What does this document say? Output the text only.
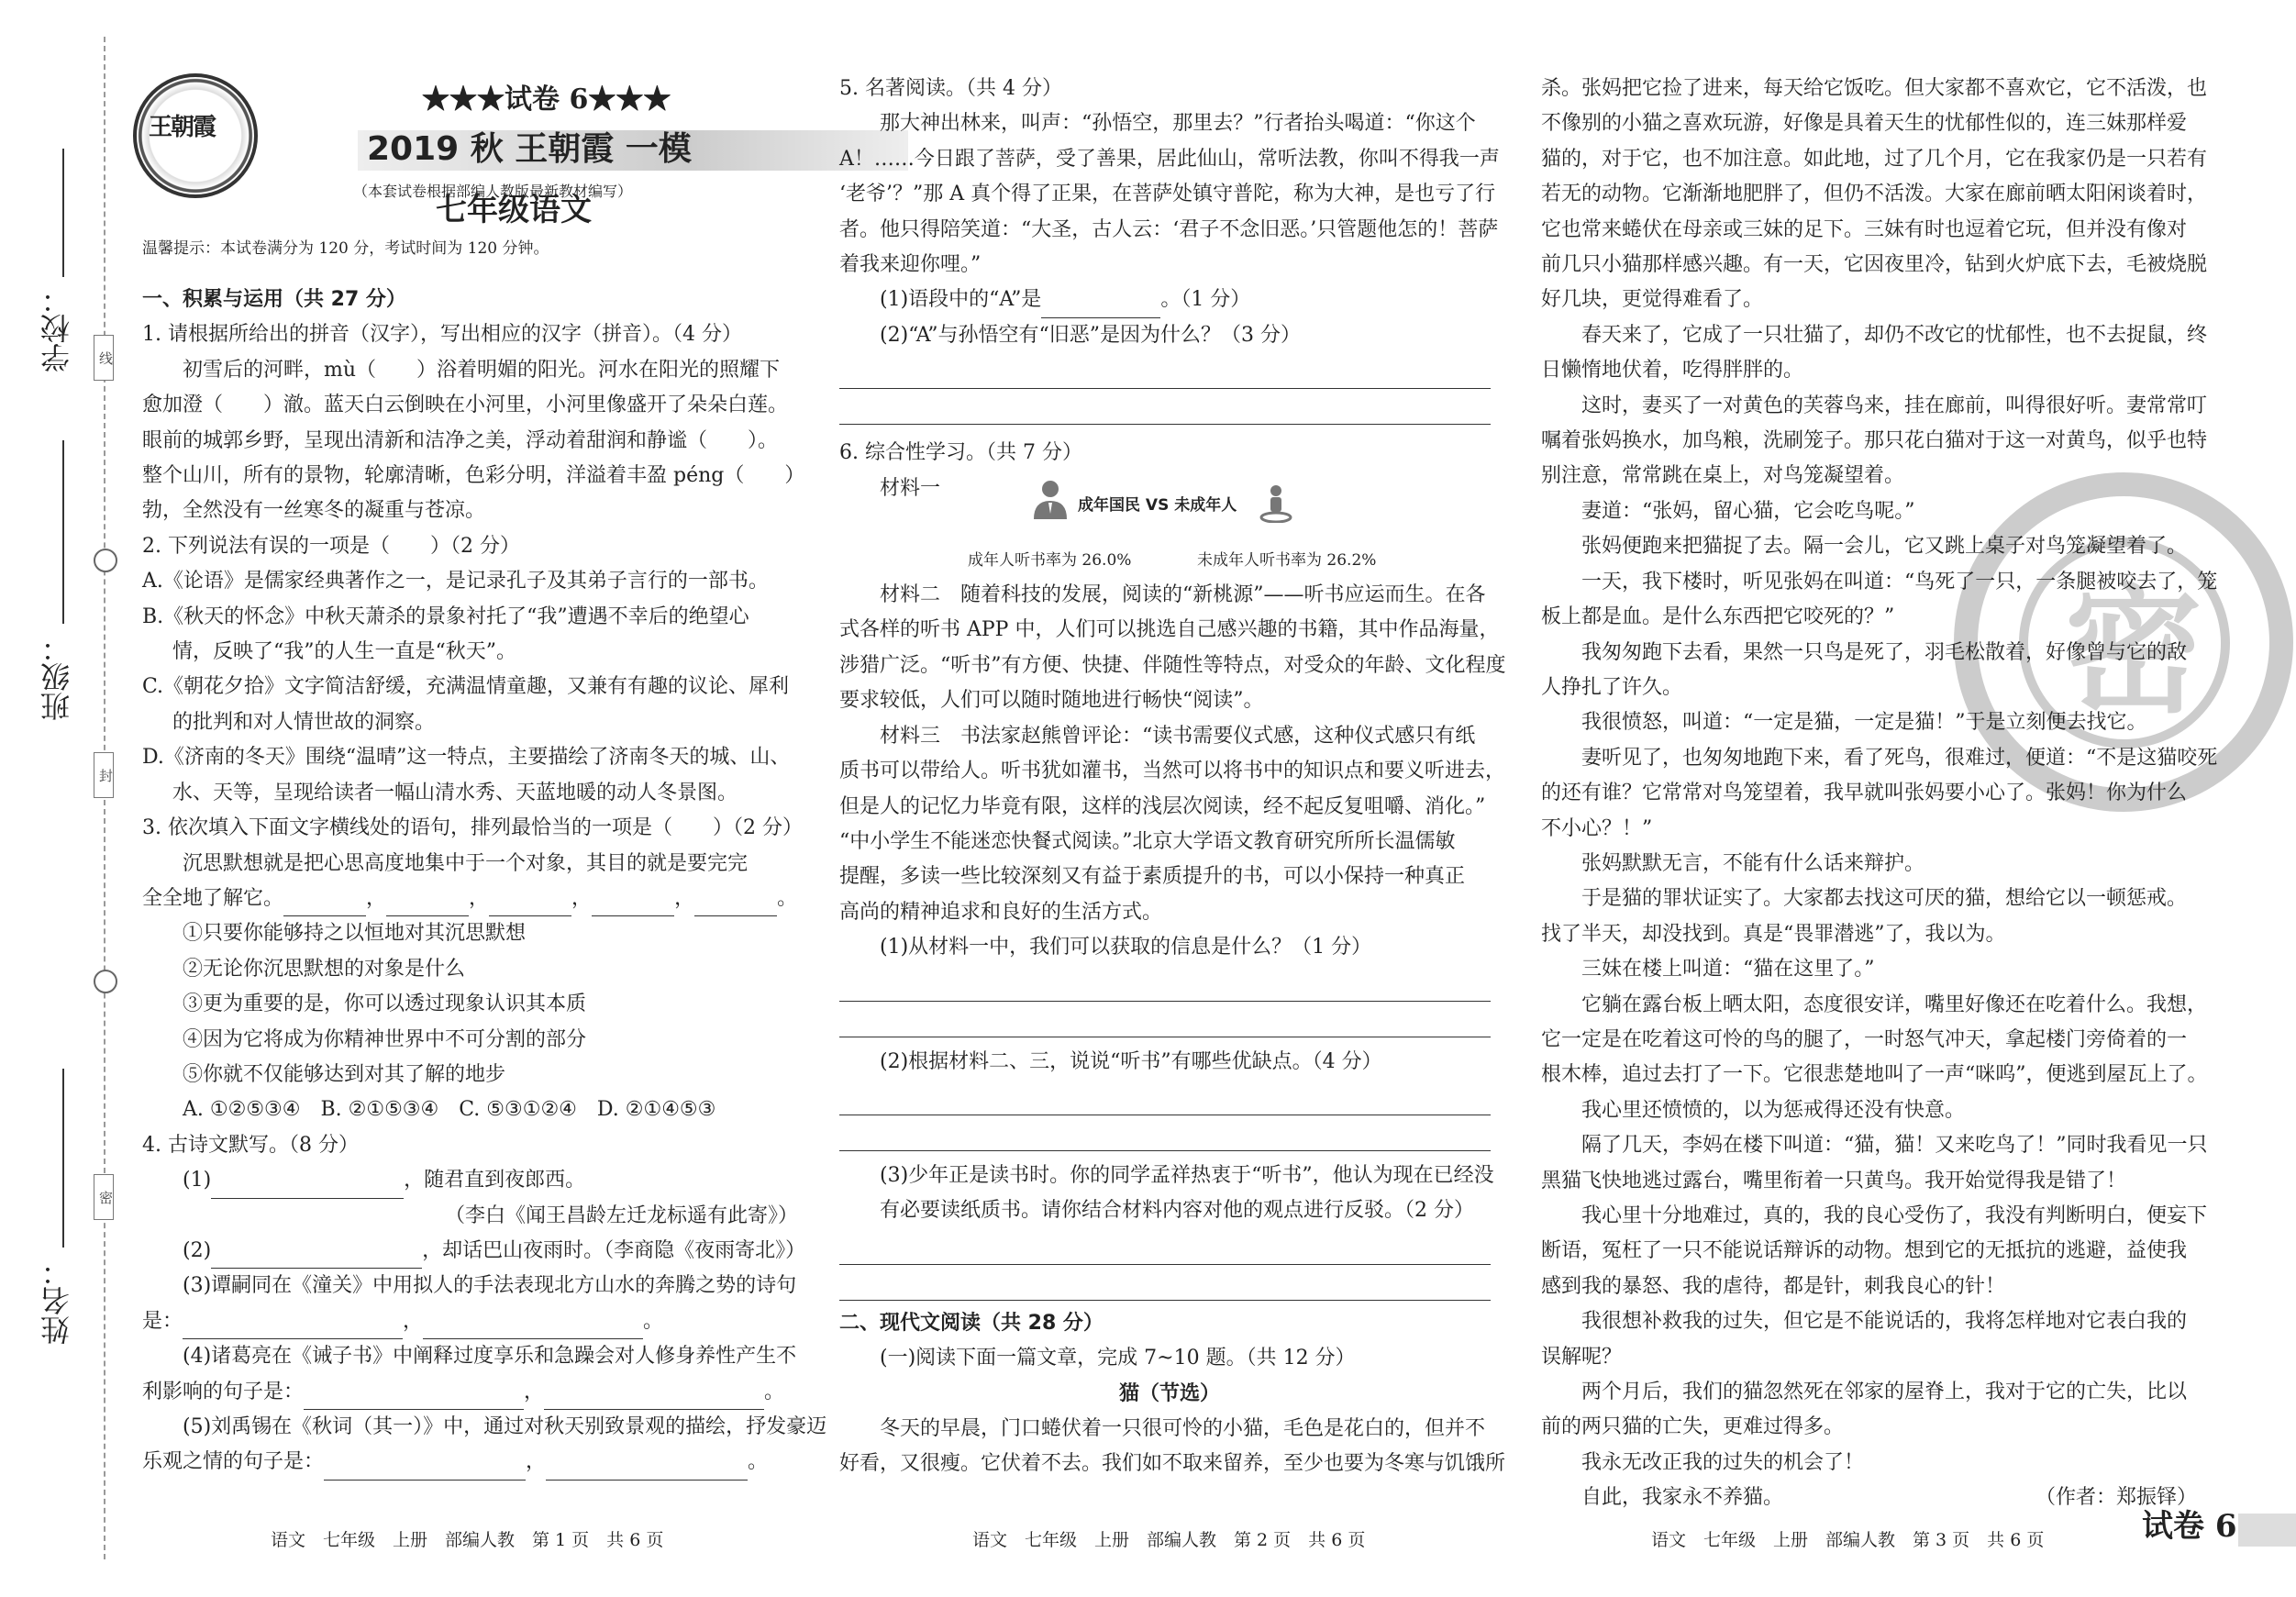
学校：
班级：
姓名：
线
封
密
王朝霞
★★★试卷 6★★★
2019 秋 王朝霞 一模
（本套试卷根据部编人教版最新教材编写）
七年级语文
温馨提示：本试卷满分为 120 分，考试时间为 120 分钟。

一、积累与运用（共 27 分）

1. 请根据所给出的拼音（汉字），写出相应的汉字（拼音）。（4 分）

初雪后的河畔，mù（　　）浴着明媚的阳光。河水在阳光的照耀下

愈加澄（　　）澈。蓝天白云倒映在小河里，小河里像盛开了朵朵白莲。

眼前的城郭乡野，呈现出清新和洁净之美，浮动着甜润和静谧（　　）。

整个山川，所有的景物，轮廓清晰，色彩分明，洋溢着丰盈 péng（　　）

勃，全然没有一丝寒冬的凝重与苍凉。

2. 下列说法有误的一项是（　　）（2 分）

A.《论语》是儒家经典著作之一，是记录孔子及其弟子言行的一部书。

B.《秋天的怀念》中秋天萧杀的景象衬托了“我”遭遇不幸后的绝望心

情，反映了“我”的人生一直是“秋天”。

C.《朝花夕拾》文字简洁舒缓，充满温情童趣，又兼有有趣的议论、犀利

的批判和对人情世故的洞察。

D.《济南的冬天》围绕“温晴”这一特点，主要描绘了济南冬天的城、山、

水、天等，呈现给读者一幅山清水秀、天蓝地暖的动人冬景图。

3. 依次填入下面文字横线处的语句，排列最恰当的一项是（　　）（2 分）

沉思默想就是把心思高度地集中于一个对象，其目的就是要完完

全全地了解它。	，	，	，	，	。

①只要你能够持之以恒地对其沉思默想

②无论你沉思默想的对象是什么

③更为重要的是，你可以透过现象认识其本质

④因为它将成为你精神世界中不可分割的部分

⑤你就不仅能够达到对其了解的地步

A. ①②⑤③④　B. ②①⑤③④　C. ⑤③①②④　D. ②①④⑤③

4. 古诗文默写。（8 分）

(1)	，随君直到夜郎西。

（李白《闻王昌龄左迁龙标遥有此寄》）

(2)	，却话巴山夜雨时。（李商隐《夜雨寄北》）

(3)谭嗣同在《潼关》中用拟人的手法表现北方山水的奔腾之势的诗句

是：	，	。

(4)诸葛亮在《诫子书》中阐释过度享乐和急躁会对人修身养性产生不

利影响的句子是：	，	。

(5)刘禹锡在《秋词（其一）》中，通过对秋天别致景观的描绘，抒发豪迈

乐观之情的句子是：	，	。

语文　七年级　上册　部编人教　第 1 页　共 6 页

5. 名著阅读。（共 4 分）

那大神出林来，叫声：“孙悟空，那里去？”行者抬头喝道：“你这个

A！……今日跟了菩萨，受了善果，居此仙山，常听法教，你叫不得我一声

‘老爷’？”那 A 真个得了正果，在菩萨处镇守普陀，称为大神，是也亏了行

者。他只得陪笑道：“大圣，古人云：‘君子不念旧恶。’只管题他怎的！菩萨

着我来迎你哩。”

(1)语段中的“A”是	。（1 分）

(2)“A”与孙悟空有“旧恶”是因为什么？（3 分）

6. 综合性学习。（共 7 分）

材料一

成年国民 VS 未成年人

成年人听书率为 26.0%	未成年人听书率为 26.2%

材料二　随着科技的发展，阅读的“新桃源”——听书应运而生。在各

式各样的听书 APP 中，人们可以挑选自己感兴趣的书籍，其中作品海量，

涉猎广泛。“听书”有方便、快捷、伴随性等特点，对受众的年龄、文化程度

要求较低，人们可以随时随地进行畅快“阅读”。

材料三　书法家赵熊曾评论：“读书需要仪式感，这种仪式感只有纸

质书可以带给人。听书犹如灌书，当然可以将书中的知识点和要义听进去，

但是人的记忆力毕竟有限，这样的浅层次阅读，经不起反复咀嚼、消化。”

“中小学生不能迷恋快餐式阅读。”北京大学语文教育研究所所长温儒敏

提醒，多读一些比较深刻又有益于素质提升的书，可以小保持一种真正

高尚的精神追求和良好的生活方式。

(1)从材料一中，我们可以获取的信息是什么？（1 分）

(2)根据材料二、三，说说“听书”有哪些优缺点。（4 分）

(3)少年正是读书时。你的同学孟祥热衷于“听书”，他认为现在已经没

有必要读纸质书。请你结合材料内容对他的观点进行反驳。（2 分）

二、现代文阅读（共 28 分）

(一)阅读下面一篇文章，完成 7~10 题。（共 12 分）

猫（节选）

冬天的早晨，门口蜷伏着一只很可怜的小猫，毛色是花白的，但并不

好看，又很瘦。它伏着不去。我们如不取来留养，至少也要为冬寒与饥饿所

语文　七年级　上册　部编人教　第 2 页　共 6 页
密

杀。张妈把它捡了进来，每天给它饭吃。但大家都不喜欢它，它不活泼，也

不像别的小猫之喜欢玩游，好像是具着天生的忧郁性似的，连三妹那样爱

猫的，对于它，也不加注意。如此地，过了几个月，它在我家仍是一只若有

若无的动物。它渐渐地肥胖了，但仍不活泼。大家在廊前晒太阳闲谈着时，

它也常来蜷伏在母亲或三妹的足下。三妹有时也逗着它玩，但并没有像对

前几只小猫那样感兴趣。有一天，它因夜里冷，钻到火炉底下去，毛被烧脱

好几块，更觉得难看了。

　　春天来了，它成了一只壮猫了，却仍不改它的忧郁性，也不去捉鼠，终

日懒惰地伏着，吃得胖胖的。

　　这时，妻买了一对黄色的芙蓉鸟来，挂在廊前，叫得很好听。妻常常叮

嘱着张妈换水，加鸟粮，洗刷笼子。那只花白猫对于这一对黄鸟，似乎也特

别注意，常常跳在桌上，对鸟笼凝望着。

　　妻道：“张妈，留心猫，它会吃鸟呢。”

　　张妈便跑来把猫捉了去。隔一会儿，它又跳上桌子对鸟笼凝望着了。

　　一天，我下楼时，听见张妈在叫道：“鸟死了一只，一条腿被咬去了，笼

板上都是血。是什么东西把它咬死的？”

　　我匆匆跑下去看，果然一只鸟是死了，羽毛松散着，好像曾与它的敌

人挣扎了许久。

　　我很愤怒，叫道：“一定是猫，一定是猫！”于是立刻便去找它。

　　妻听见了，也匆匆地跑下来，看了死鸟，很难过，便道：“不是这猫咬死

的还有谁？它常常对鸟笼望着，我早就叫张妈要小心了。张妈！你为什么

不小心？！”

　　张妈默默无言，不能有什么话来辩护。

　　于是猫的罪状证实了。大家都去找这可厌的猫，想给它以一顿惩戒。

找了半天，却没找到。真是“畏罪潜逃”了，我以为。

　　三妹在楼上叫道：“猫在这里了。”

　　它躺在露台板上晒太阳，态度很安详，嘴里好像还在吃着什么。我想，

它一定是在吃着这可怜的鸟的腿了，一时怒气冲天，拿起楼门旁倚着的一

根木棒，追过去打了一下。它很悲楚地叫了一声“咪呜”，便逃到屋瓦上了。

　　我心里还愤愤的，以为惩戒得还没有快意。

　　隔了几天，李妈在楼下叫道：“猫，猫！又来吃鸟了！”同时我看见一只

黑猫飞快地逃过露台，嘴里衔着一只黄鸟。我开始觉得我是错了！

　　我心里十分地难过，真的，我的良心受伤了，我没有判断明白，便妄下

断语，冤枉了一只不能说话辩诉的动物。想到它的无抵抗的逃避，益使我

感到我的暴怒、我的虐待，都是针，刺我良心的针！

　　我很想补救我的过失，但它是不能说话的，我将怎样地对它表白我的

误解呢？

　　两个月后，我们的猫忽然死在邻家的屋脊上，我对于它的亡失，比以

前的两只猫的亡失，更难过得多。

　　我永无改正我的过失的机会了！

　　自此，我家永不养猫。	（作者：郑振铎）

语文　七年级　上册　部编人教　第 3 页　共 6 页	试卷 6
